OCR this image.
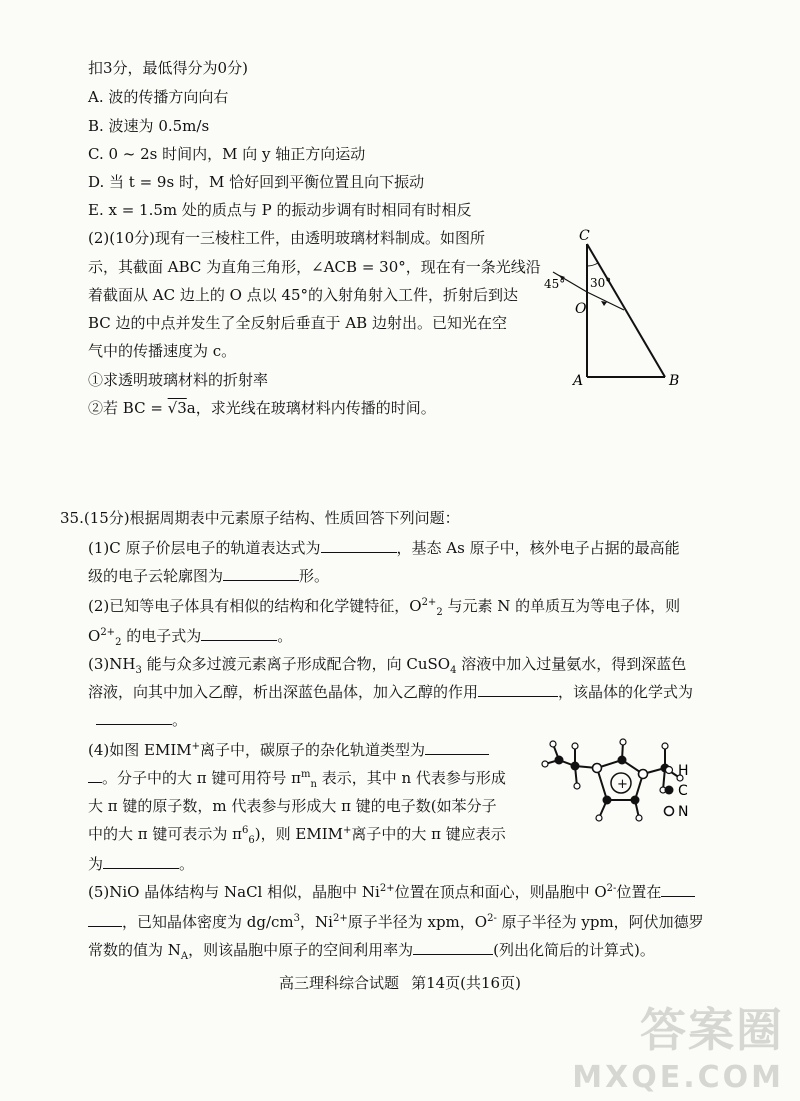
扣3分，最低得分为0分)
A. 波的传播方向向右
B. 波速为 0.5m/s
C. 0 ~ 2s 时间内，M 向 y 轴正方向运动
D. 当 t = 9s 时，M 恰好回到平衡位置且向下振动
E. x = 1.5m 处的质点与 P 的振动步调有时相同有时相反
(2)(10分)现有一三棱柱工件，由透明玻璃材料制成。如图所
示，其截面 ABC 为直角三角形，∠ACB = 30°，现在有一条光线沿
着截面从 AC 边上的 O 点以 45°的入射角射入工件，折射后到达
BC 边的中点并发生了全反射后垂直于 AB 边射出。已知光在空
气中的传播速度为 c。
①求透明玻璃材料的折射率
②若 BC = √3a，求光线在玻璃材料内传播的时间。
C
A	B
O
45° 30°
35.(15分)根据周期表中元素原子结构、性质回答下列问题：
(1)C 原子价层电子的轨道表达式为	，基态 As 原子中，核外电子占据的最高能
级的电子云轮廓图为	形。
(2)已知等电子体具有相似的结构和化学键特征，$O^{2+}_2$ 与元素 N 的单质互为等电子体，则
$O^{2+}_2$ 的电子式为	。
$(3)NH_3$ 能与众多过渡元素离子形成配合物，向 CuSO$_4$ 溶液中加入过量氨水，得到深蓝色
溶液，向其中加入乙醇，析出深蓝色晶体，加入乙醇的作用	，该晶体的化学式为
。
(4)如图 EMIM+离子中，碳原子的杂化轨道类型为
。分子中的大 π 键可用符号 $\pi^m_n$ 表示，其中 n 代表参与形成
大 π 键的原子数，m 代表参与形成大 π 键的电子数(如苯分子
中的大 π 键可表示为 $\pi^6_6$)，则 EMIM+离子中的大 π 键应表示
为	。
+
H
C
N
(5)NiO 晶体结构与 NaCl 相似，晶胞中 $Ni^{2+}$位置在顶点和面心，则晶胞中 $O^{2-}$位置在
，已知晶体密度为 $dg/cm^3$，$Ni^{2+}$原子半径为 xpm，$O^{2-}$ 原子半径为 ypm，阿伏加德罗
常数的值为 $N_A$，则该晶胞中原子的空间利用率为	(列出化简后的计算式)。
高三理科综合试题 第14页(共16页)
答案圈
MXQE.COM
